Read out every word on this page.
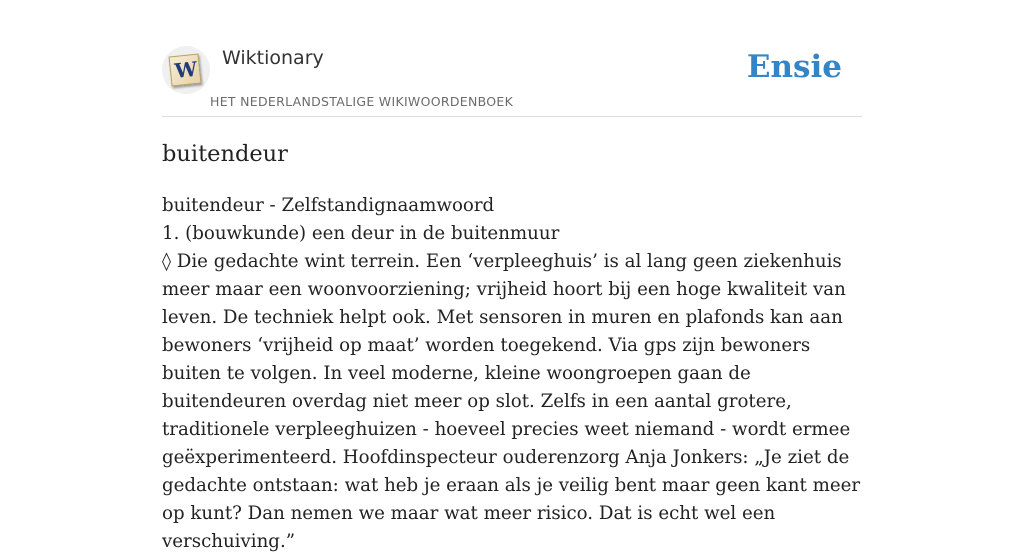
W Wiktionary
HET NEDERLANDSTALIGE WIKIWOORDENBOEK
Ensie
buitendeur

buitendeur - Zelfstandignaamwoord

1. (bouwkunde) een deur in de buitenmuur

◊ Die gedachte wint terrein. Een ‘verpleeghuis’ is al lang geen ziekenhuis meer maar een woonvoorziening; vrijheid hoort bij een hoge kwaliteit van leven. De techniek helpt ook. Met sensoren in muren en plafonds kan aan bewoners ‘vrijheid op maat’ worden toegekend. Via gps zijn bewoners buiten te volgen. In veel moderne, kleine woongroepen gaan de buitendeuren overdag niet meer op slot. Zelfs in een aantal grotere, traditionele verpleeghuizen - hoeveel precies weet niemand - wordt ermee geëxperimenteerd. Hoofdinspecteur ouderenzorg Anja Jonkers: „Je ziet de gedachte ontstaan: wat heb je eraan als je veilig bent maar geen kant meer op kunt? Dan nemen we maar wat meer risico. Dat is echt wel een verschuiving.”
